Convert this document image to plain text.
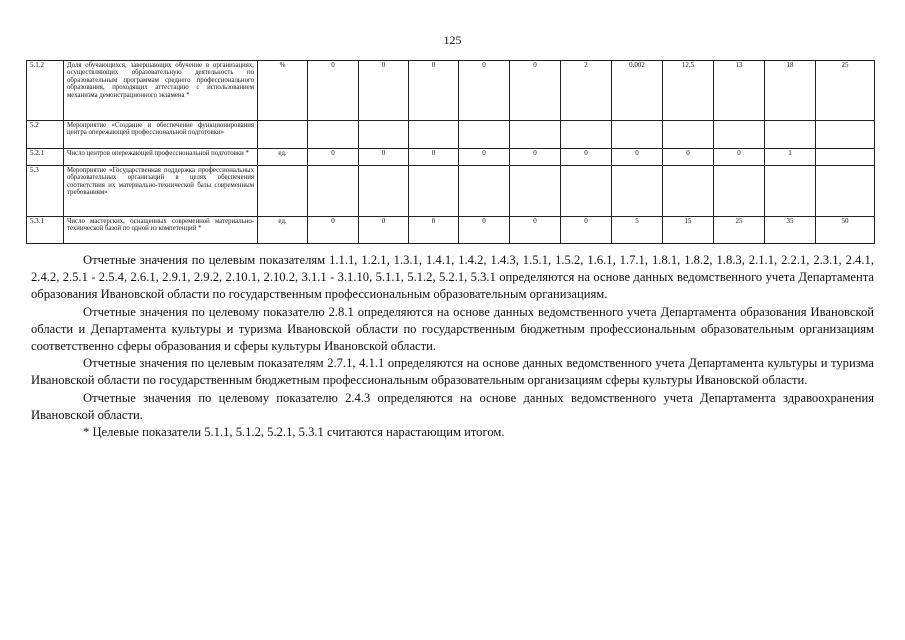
125
5.1.2	Доля обучающихся, завершающих обучение в организациях, осуществляющих образовательную деятельность по образовательным программам среднего профессионального образования, проходящих аттестацию с использованием механизма демонстрационного экзамена *	%	0	0	0	0	0	2	0,002	12,5	13	18	25
5.2	Мероприятие «Создание и обеспечение функционирования центра опережающей профессиональной подготовки»												
5.2.1	Число центров опережающей профессиональной подготовки *	ед.	0	0	0	0	0	0	0	0	0	1	
5.3	Мероприятие «Государственная поддержка профессиональных образовательных организаций в целях обеспечения соответствия их материально-технической базы современным требованиям»												
5.3.1	Число мастерских, оснащенных современной материально-технической базой по одной из компетенций *	ед.	0	0	0	0	0	0	5	15	25	35	50

Отчетные значения по целевым показателям 1.1.1, 1.2.1, 1.3.1, 1.4.1, 1.4.2, 1.4.3, 1.5.1, 1.5.2, 1.6.1, 1.7.1, 1.8.1, 1.8.2, 1.8.3, 2.1.1, 2.2.1, 2.3.1, 2.4.1, 2.4.2, 2.5.1 - 2.5.4, 2.6.1, 2.9.1, 2.9.2, 2.10.1, 2.10.2, 3.1.1 - 3.1.10, 5.1.1, 5.1.2, 5.2.1, 5.3.1 определяются на основе данных ведомственного учета Департамента образования Ивановской области по государственным профессиональным образовательным организациям.

Отчетные значения по целевому показателю 2.8.1 определяются на основе данных ведомственного учета Департамента образования Ивановской области и Департамента культуры и туризма Ивановской области по государственным бюджетным профессиональным образовательным организациям соответственно сферы образования и сферы культуры Ивановской области.

Отчетные значения по целевым показателям 2.7.1, 4.1.1 определяются на основе данных ведомственного учета Департамента культуры и туризма Ивановской области по государственным бюджетным профессиональным образовательным организациям сферы культуры Ивановской области.

Отчетные значения по целевому показателю 2.4.3 определяются на основе данных ведомственного учета Департамента здравоохранения Ивановской области.

* Целевые показатели 5.1.1, 5.1.2, 5.2.1, 5.3.1 считаются нарастающим итогом.
